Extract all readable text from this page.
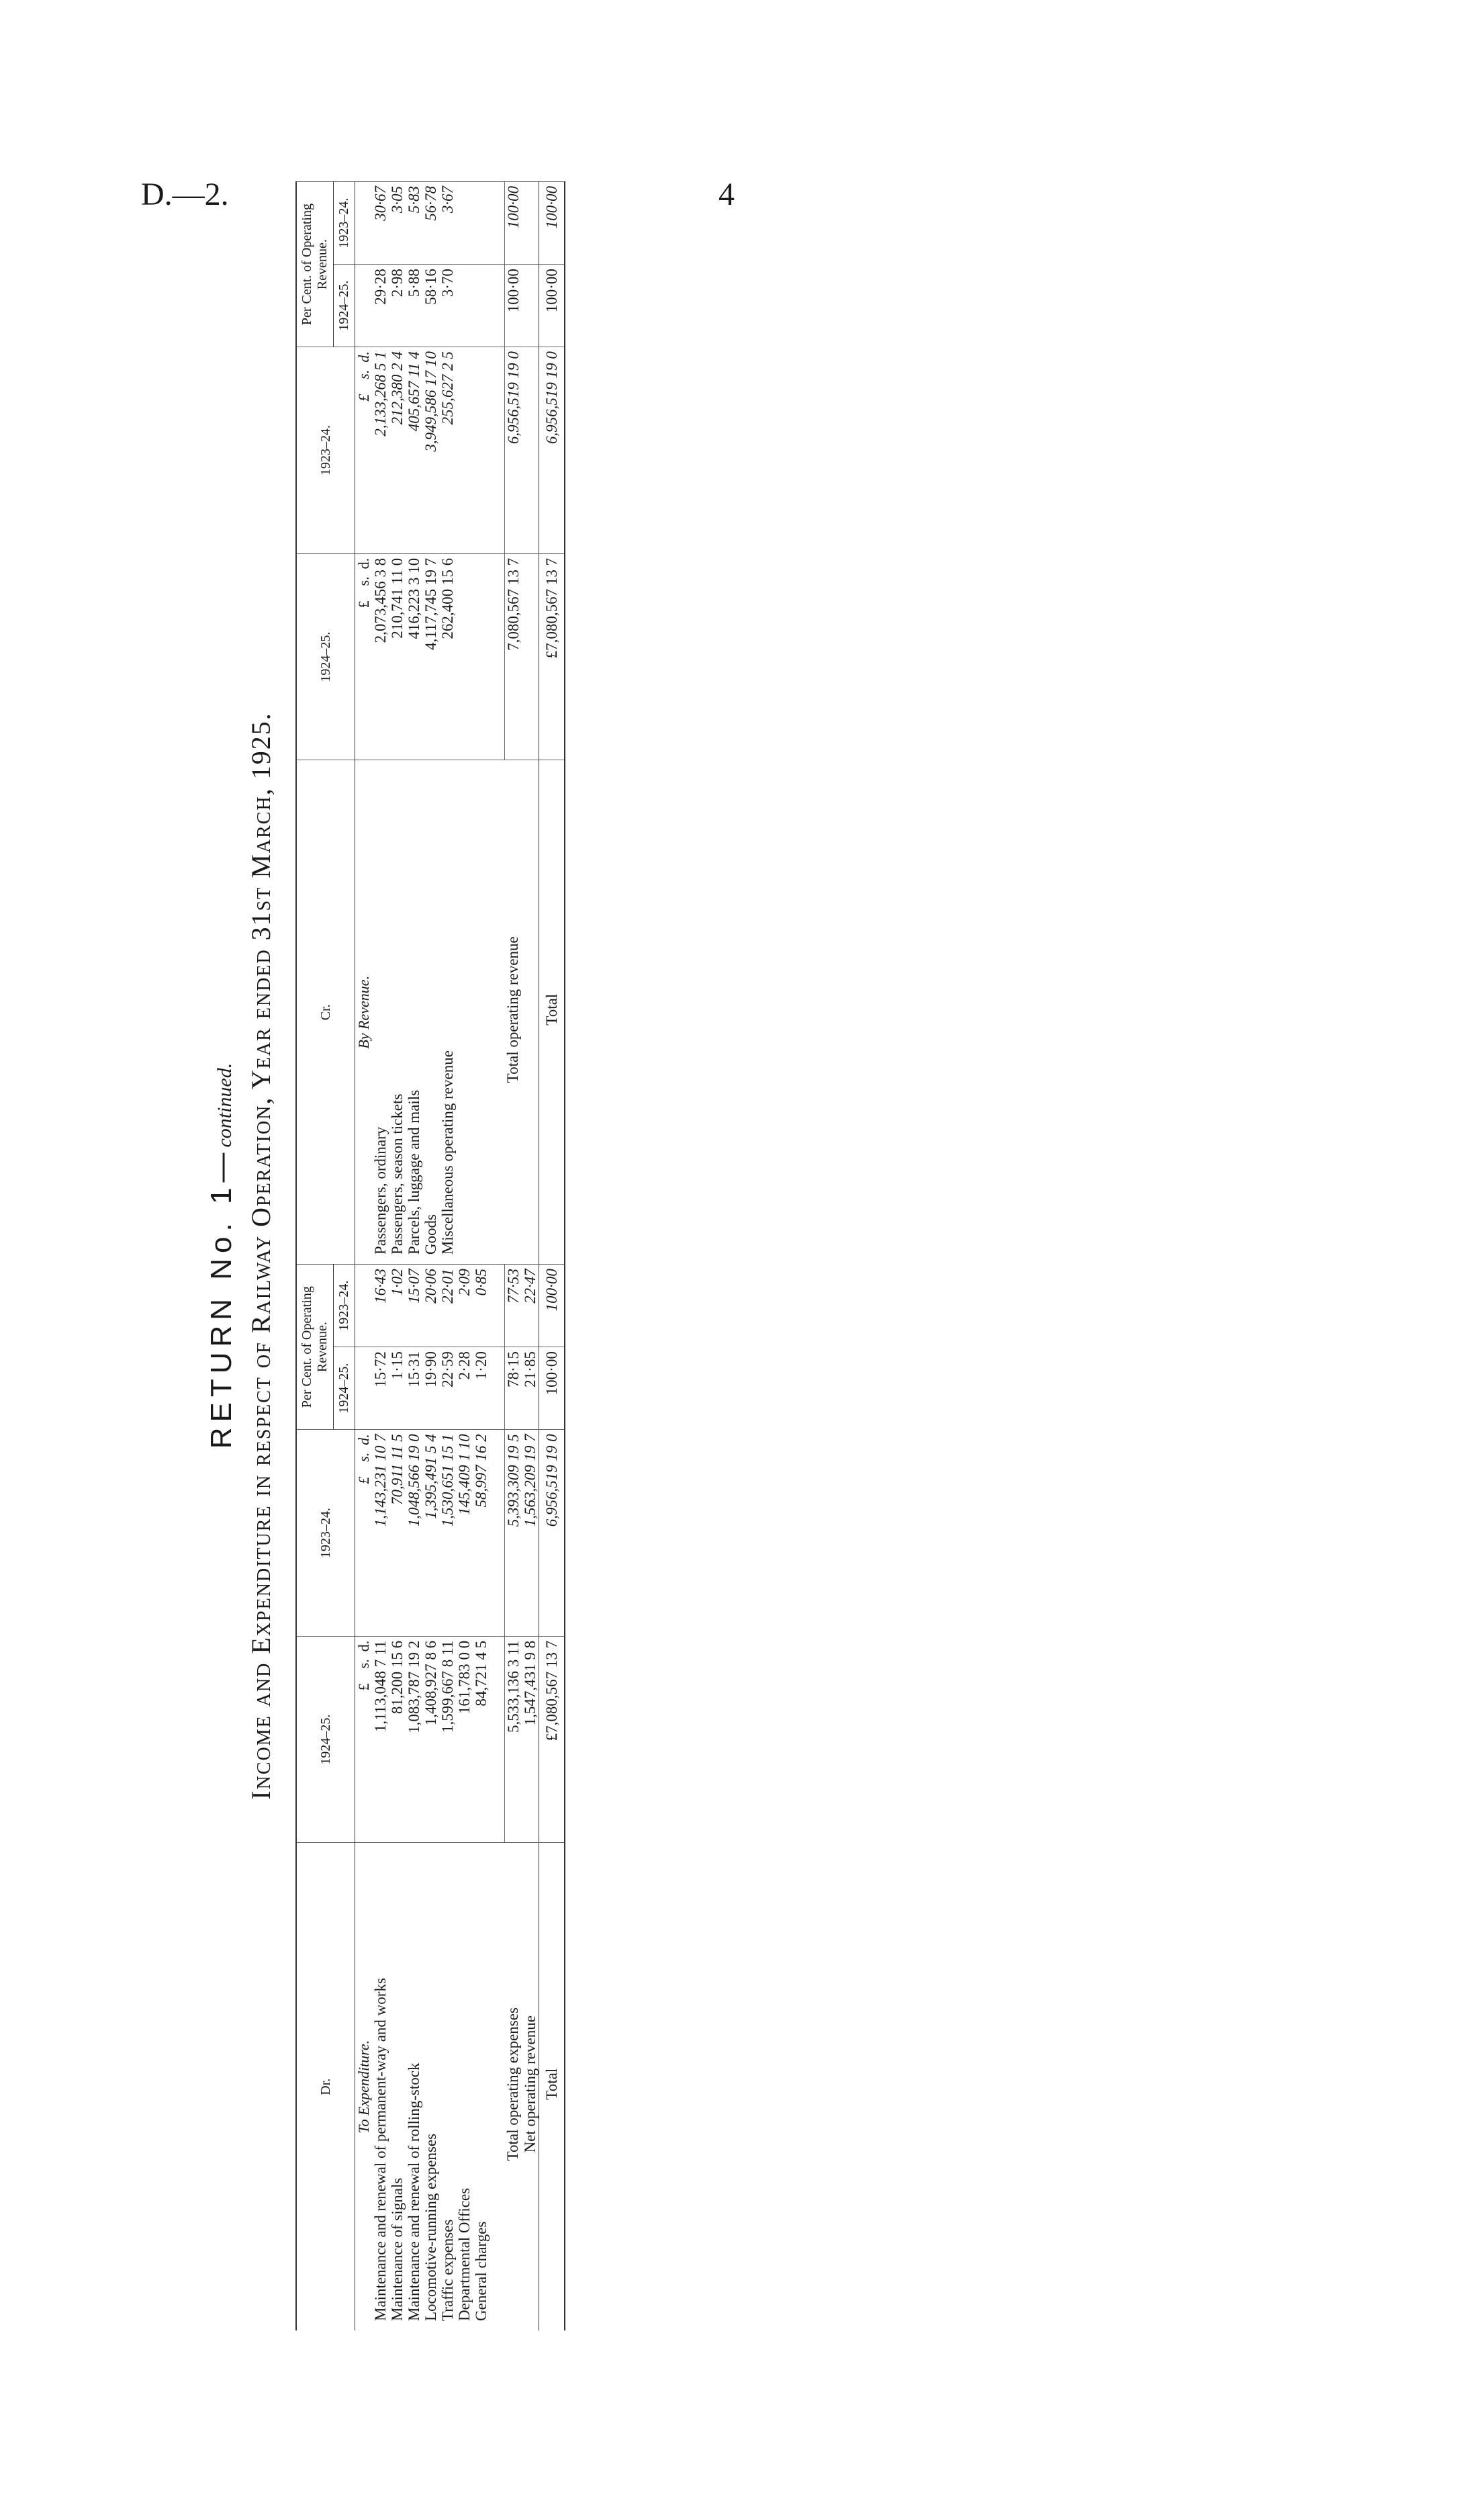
D.—2.	4
RETURN No. 1—continued. Income and Expenditure in respect of Railway Operation, Year ended 31st March, 1925.
Dr.	1924–25.	1923–24.	Per Cent. of Operating Revenue.		Cr.	1924–25.	1923–24.	Per Cent. of Operating Revenue.	
			1924–25.	1923–24.				1924–25.	1923–24.
To Expenditure.	£    s.  d.	£    s.  d.			By Revenue.	£    s.  d.	£    s.  d.		
Maintenance and renewal of permanent-way and works	1,113,048 7 11	1,143,231 10 7	15·72	16·43	Passengers, ordinary	2,073,456 3 8	2,133,268 5 1	29·28	30·67
Maintenance of signals	81,200 15 6	70,911 11 5	1·15	1·02	Passengers, season tickets	210,741 11 0	212,380 2 4	2·98	3·05
Maintenance and renewal of rolling-stock	1,083,787 19 2	1,048,566 19 0	15·31	15·07	Parcels, luggage and mails	416,223 3 10	405,657 11 4	5·88	5·83
Locomotive-running expenses	1,408,927 8 6	1,395,491 5 4	19·90	20·06	Goods	4,117,745 19 7	3,949,586 17 10	58·16	56·78
Traffic expenses	1,599,667 8 11	1,530,651 15 1	22·59	22·01	Miscellaneous operating revenue	262,400 15 6	255,627 2 5	3·70	3·67
Departmental Offices	161,783 0 0	145,409 1 10	2·28	2·09					
General charges	84,721 4 5	58,997 16 2	1·20	0·85					

Total operating expenses	5,533,136 3 11	5,393,309 19 5	78·15	77·53	Total operating revenue	7,080,567 13 7	6,956,519 19 0	100·00	100·00
Net operating revenue	1,547,431 9 8	1,563,209 19 7	21·85	22·47					
Total	£7,080,567 13 7	6,956,519 19 0	100·00	100·00	Total	£7,080,567 13 7	6,956,519 19 0	100·00	100·00
